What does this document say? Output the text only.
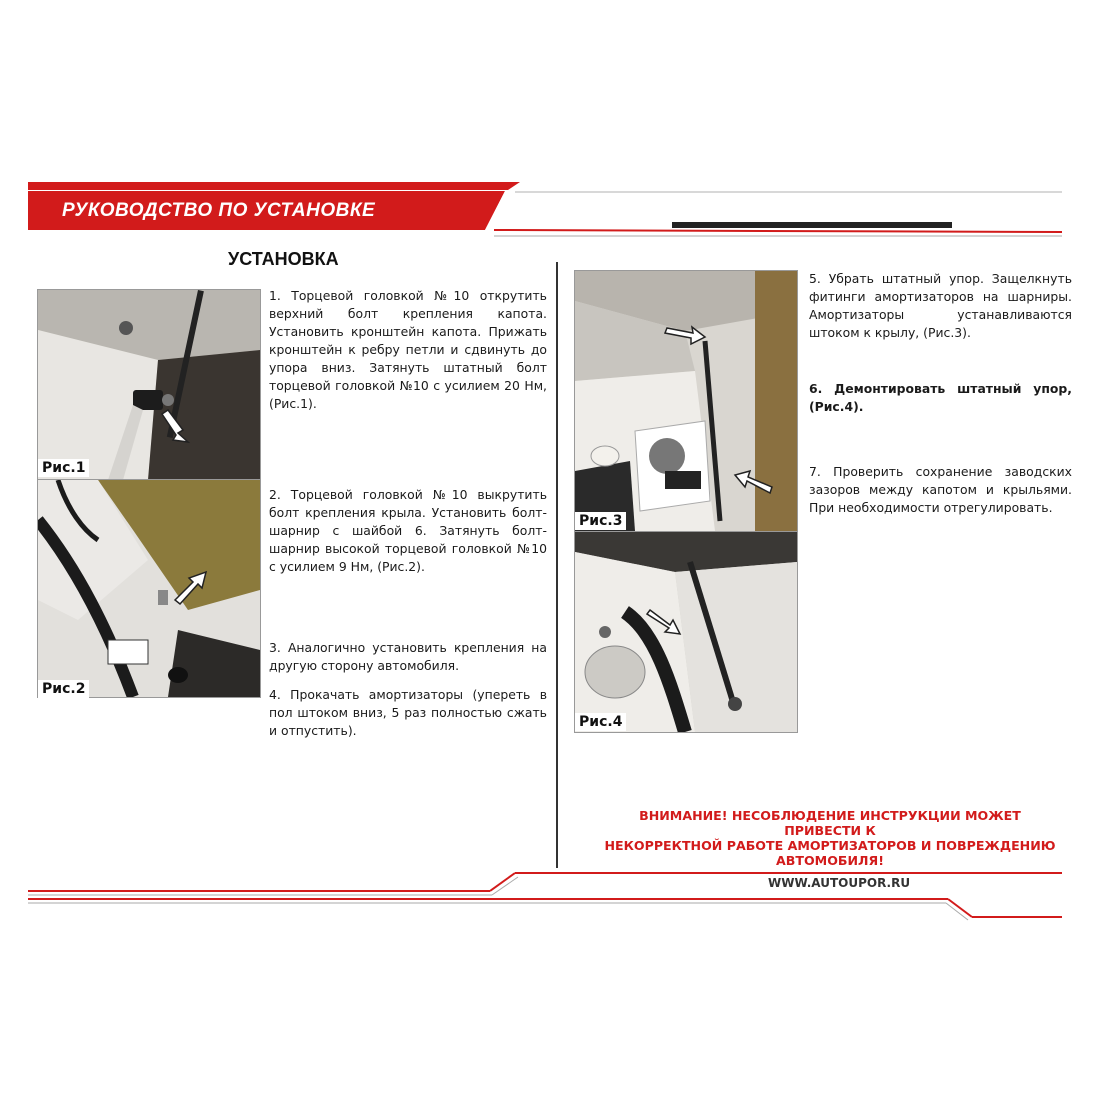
РУКОВОДСТВО ПО УСТАНОВКЕ
УСТАНОВКА
Рис.1
Рис.2
Рис.3
Рис.4
1. Торцевой головкой №10 открутить верхний болт крепления капота. Установить кронштейн капота. Прижать кронштейн к ребру петли и сдвинуть до упора вниз. Затянуть штатный болт торцевой головкой №10 с усилием 20 Нм, (Рис.1).
2. Торцевой головкой №10 выкрутить болт крепления крыла. Установить болт-шарнир с шайбой 6. Затянуть болт-шарнир высокой торцевой головкой №10 с усилием 9 Нм, (Рис.2).
3. Аналогично установить крепления на другую сторону автомобиля.
4. Прокачать амортизаторы (упереть в пол штоком вниз, 5 раз полностью сжать и отпустить).
5. Убрать штатный упор. Защелкнуть фитинги амортизаторов на шарниры. Амортизаторы устанавливаются штоком к крылу, (Рис.3).
6. Демонтировать штатный упор, (Рис.4).
7. Проверить сохранение заводских зазоров между капотом и крыльями. При необходимости отрегулировать.
ВНИМАНИЕ! НЕСОБЛЮДЕНИЕ ИНСТРУКЦИИ МОЖЕТ ПРИВЕСТИ К
НЕКОРРЕКТНОЙ РАБОТЕ АМОРТИЗАТОРОВ И ПОВРЕЖДЕНИЮ
АВТОМОБИЛЯ!
WWW.AUTOUPOR.RU
